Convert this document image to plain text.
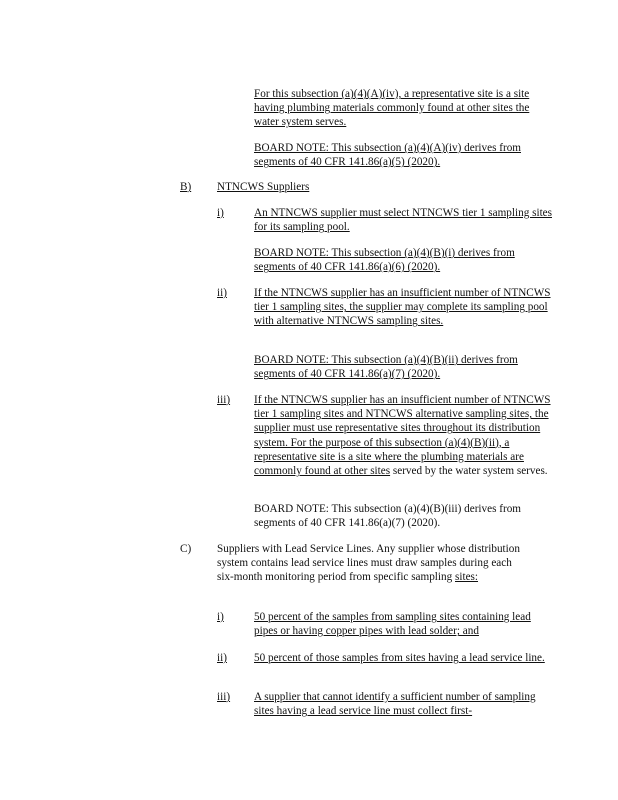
For this subsection (a)(4)(A)(iv), a representative site is a site having plumbing materials commonly found at other sites the water system serves.
BOARD NOTE: This subsection (a)(4)(A)(iv) derives from segments of 40 CFR 141.86(a)(5) (2020).
B) NTNCWS Suppliers
i)	An NTNCWS supplier must select NTNCWS tier 1 sampling sites for its sampling pool.
BOARD NOTE: This subsection (a)(4)(B)(i) derives from segments of 40 CFR 141.86(a)(6) (2020).
ii) If the NTNCWS supplier has an insufficient number of NTNCWS tier 1 sampling sites, the supplier may complete its sampling pool with alternative NTNCWS sampling sites.
BOARD NOTE: This subsection (a)(4)(B)(ii) derives from segments of 40 CFR 141.86(a)(7) (2020).
iii) If the NTNCWS supplier has an insufficient number of NTNCWS tier 1 sampling sites and NTNCWS alternative sampling sites, the supplier must use representative sites throughout its distribution system. For the purpose of this subsection (a)(4)(B)(ii), a representative site is a site where the plumbing materials are commonly found at other sites served by the water system serves.
BOARD NOTE: This subsection (a)(4)(B)(iii) derives from segments of 40 CFR 141.86(a)(7) (2020).
C) Suppliers with Lead Service Lines. Any supplier whose distribution system contains lead service lines must draw samples during each six-month monitoring period from specific sampling sites:
i)	50 percent of the samples from sampling sites containing lead pipes or having copper pipes with lead solder; and
ii) 50 percent of those samples from sites having a lead service line.
iii) A supplier that cannot identify a sufficient number of sampling sites having a lead service line must collect first-
